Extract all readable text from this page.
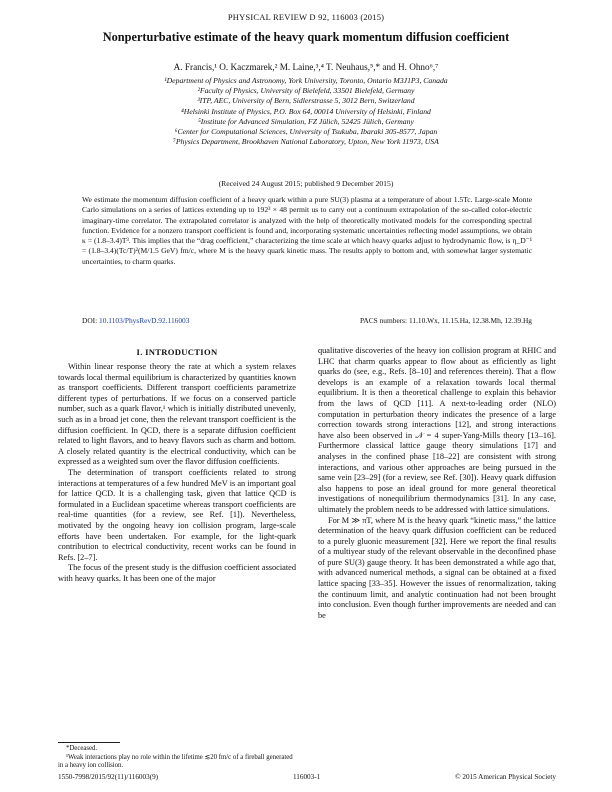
PHYSICAL REVIEW D 92, 116003 (2015)
Nonperturbative estimate of the heavy quark momentum diffusion coefficient
A. Francis,¹ O. Kaczmarek,² M. Laine,³,⁴ T. Neuhaus,⁵,* and H. Ohno⁶,⁷
¹Department of Physics and Astronomy, York University, Toronto, Ontario M3J1P3, Canada
²Faculty of Physics, University of Bielefeld, 33501 Bielefeld, Germany
³ITP, AEC, University of Bern, Sidlerstrasse 5, 3012 Bern, Switzerland
⁴Helsinki Institute of Physics, P.O. Box 64, 00014 University of Helsinki, Finland
⁵Institute for Advanced Simulation, FZ Jülich, 52425 Jülich, Germany
⁶Center for Computational Sciences, University of Tsukuba, Ibaraki 305-8577, Japan
⁷Physics Department, Brookhaven National Laboratory, Upton, New York 11973, USA
(Received 24 August 2015; published 9 December 2015)

We estimate the momentum diffusion coefficient of a heavy quark within a pure SU(3) plasma at a temperature of about 1.5Tc. Large-scale Monte Carlo simulations on a series of lattices extending up to 192³ × 48 permit us to carry out a continuum extrapolation of the so-called color-electric imaginary-time correlator. The extrapolated correlator is analyzed with the help of theoretically motivated models for the corresponding spectral function. Evidence for a nonzero transport coefficient is found and, incorporating systematic uncertainties reflecting model assumptions, we obtain κ = (1.8–3.4)T³. This implies that the “drag coefficient,” characterizing the time scale at which heavy quarks adjust to hydrodynamic flow, is η_D⁻¹ = (1.8–3.4)(Tc/T)²(M/1.5 GeV) fm/c, where M is the heavy quark kinetic mass. The results apply to bottom and, with somewhat larger systematic uncertainties, to charm quarks.

DOI: 10.1103/PhysRevD.92.116003	PACS numbers: 11.10.Wx, 11.15.Ha, 12.38.Mh, 12.39.Hg
I. INTRODUCTION

Within linear response theory the rate at which a system relaxes towards local thermal equilibrium is characterized by quantities known as transport coefficients. Different transport coefficients parametrize different types of perturbations. If we focus on a conserved particle number, such as a quark flavor,¹ which is initially distributed unevenly, such as in a broad jet cone, then the relevant transport coefficient is the diffusion coefficient. In QCD, there is a separate diffusion coefficient related to light flavors, and to heavy flavors such as charm and bottom. A closely related quantity is the electrical conductivity, which can be expressed as a weighted sum over the flavor diffusion coefficients.

The determination of transport coefficients related to strong interactions at temperatures of a few hundred MeV is an important goal for lattice QCD. It is a challenging task, given that lattice QCD is formulated in a Euclidean spacetime whereas transport coefficients are real-time quantities (for a review, see Ref. [1]). Nevertheless, motivated by the ongoing heavy ion collision program, large-scale efforts have been undertaken. For example, for the light-quark contribution to electrical conductivity, recent works can be found in Refs. [2–7].

The focus of the present study is the diffusion coefficient associated with heavy quarks. It has been one of the major

qualitative discoveries of the heavy ion collision program at RHIC and LHC that charm quarks appear to flow about as efficiently as light quarks do (see, e.g., Refs. [8–10] and references therein). That a flow develops is an example of a relaxation towards local thermal equilibrium. It is then a theoretical challenge to explain this behavior from the laws of QCD [11]. A next-to-leading order (NLO) computation in perturbation theory indicates the presence of a large correction towards strong interactions [12], and strong interactions have also been observed in 𝒩 = 4 super-Yang-Mills theory [13–16]. Furthermore classical lattice gauge theory simulations [17] and analyses in the confined phase [18–22] are consistent with strong interactions, and various other approaches are being pursued in the same vein [23–29] (for a review, see Ref. [30]). Heavy quark diffusion also happens to pose an ideal ground for more general theoretical investigations of nonequilibrium thermodynamics [31]. In any case, ultimately the problem needs to be addressed with lattice simulations.

For M ≫ πT, where M is the heavy quark “kinetic mass,” the lattice determination of the heavy quark diffusion coefficient can be reduced to a purely gluonic measurement [32]. Here we report the final results of a multiyear study of the relevant observable in the deconfined phase of pure SU(3) gauge theory. It has been demonstrated a while ago that, with advanced numerical methods, a signal can be obtained at a fixed lattice spacing [33–35]. However the issues of renormalization, taking the continuum limit, and analytic continuation had not been brought into conclusion. Even though further improvements are needed and can be

*Deceased.
¹Weak interactions play no role within the lifetime ≲20 fm/c of a fireball generated in a heavy ion collision.
1550-7998/2015/92(11)/116003(9)	116003-1	© 2015 American Physical Society
